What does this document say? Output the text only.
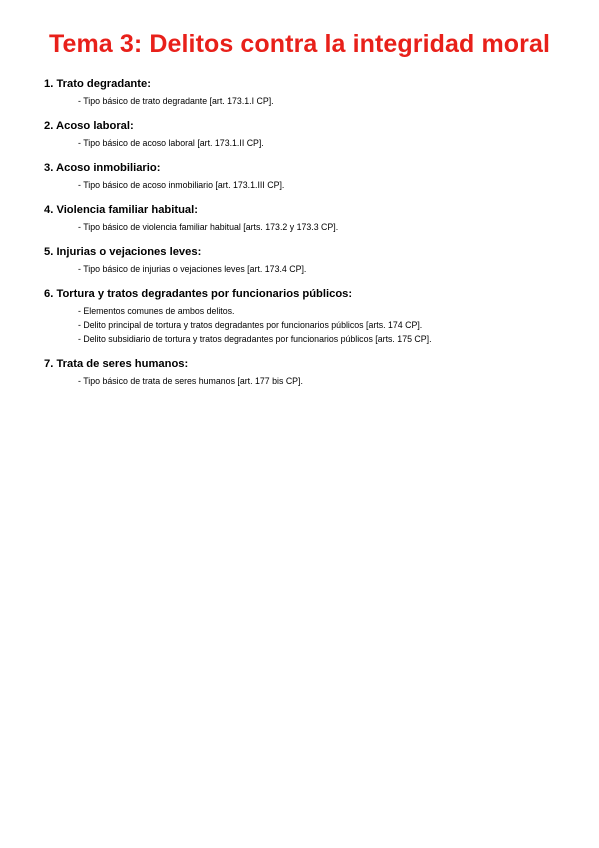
Tema 3: Delitos contra la integridad moral
1. Trato degradante:
- Tipo básico de trato degradante [art. 173.1.I CP].
2. Acoso laboral:
- Tipo básico de acoso laboral [art. 173.1.II CP].
3. Acoso inmobiliario:
- Tipo básico de acoso inmobiliario [art. 173.1.III CP].
4. Violencia familiar habitual:
- Tipo básico de violencia familiar habitual [arts. 173.2 y 173.3 CP].
5. Injurias o vejaciones leves:
- Tipo básico de injurias o vejaciones leves [art. 173.4 CP].
6. Tortura y tratos degradantes por funcionarios públicos:
- Elementos comunes de ambos delitos.
- Delito principal de tortura y tratos degradantes por funcionarios públicos [arts. 174 CP].
- Delito subsidiario de tortura y tratos degradantes por funcionarios públicos [arts. 175 CP].
7. Trata de seres humanos:
- Tipo básico de trata de seres humanos [art. 177 bis CP].
